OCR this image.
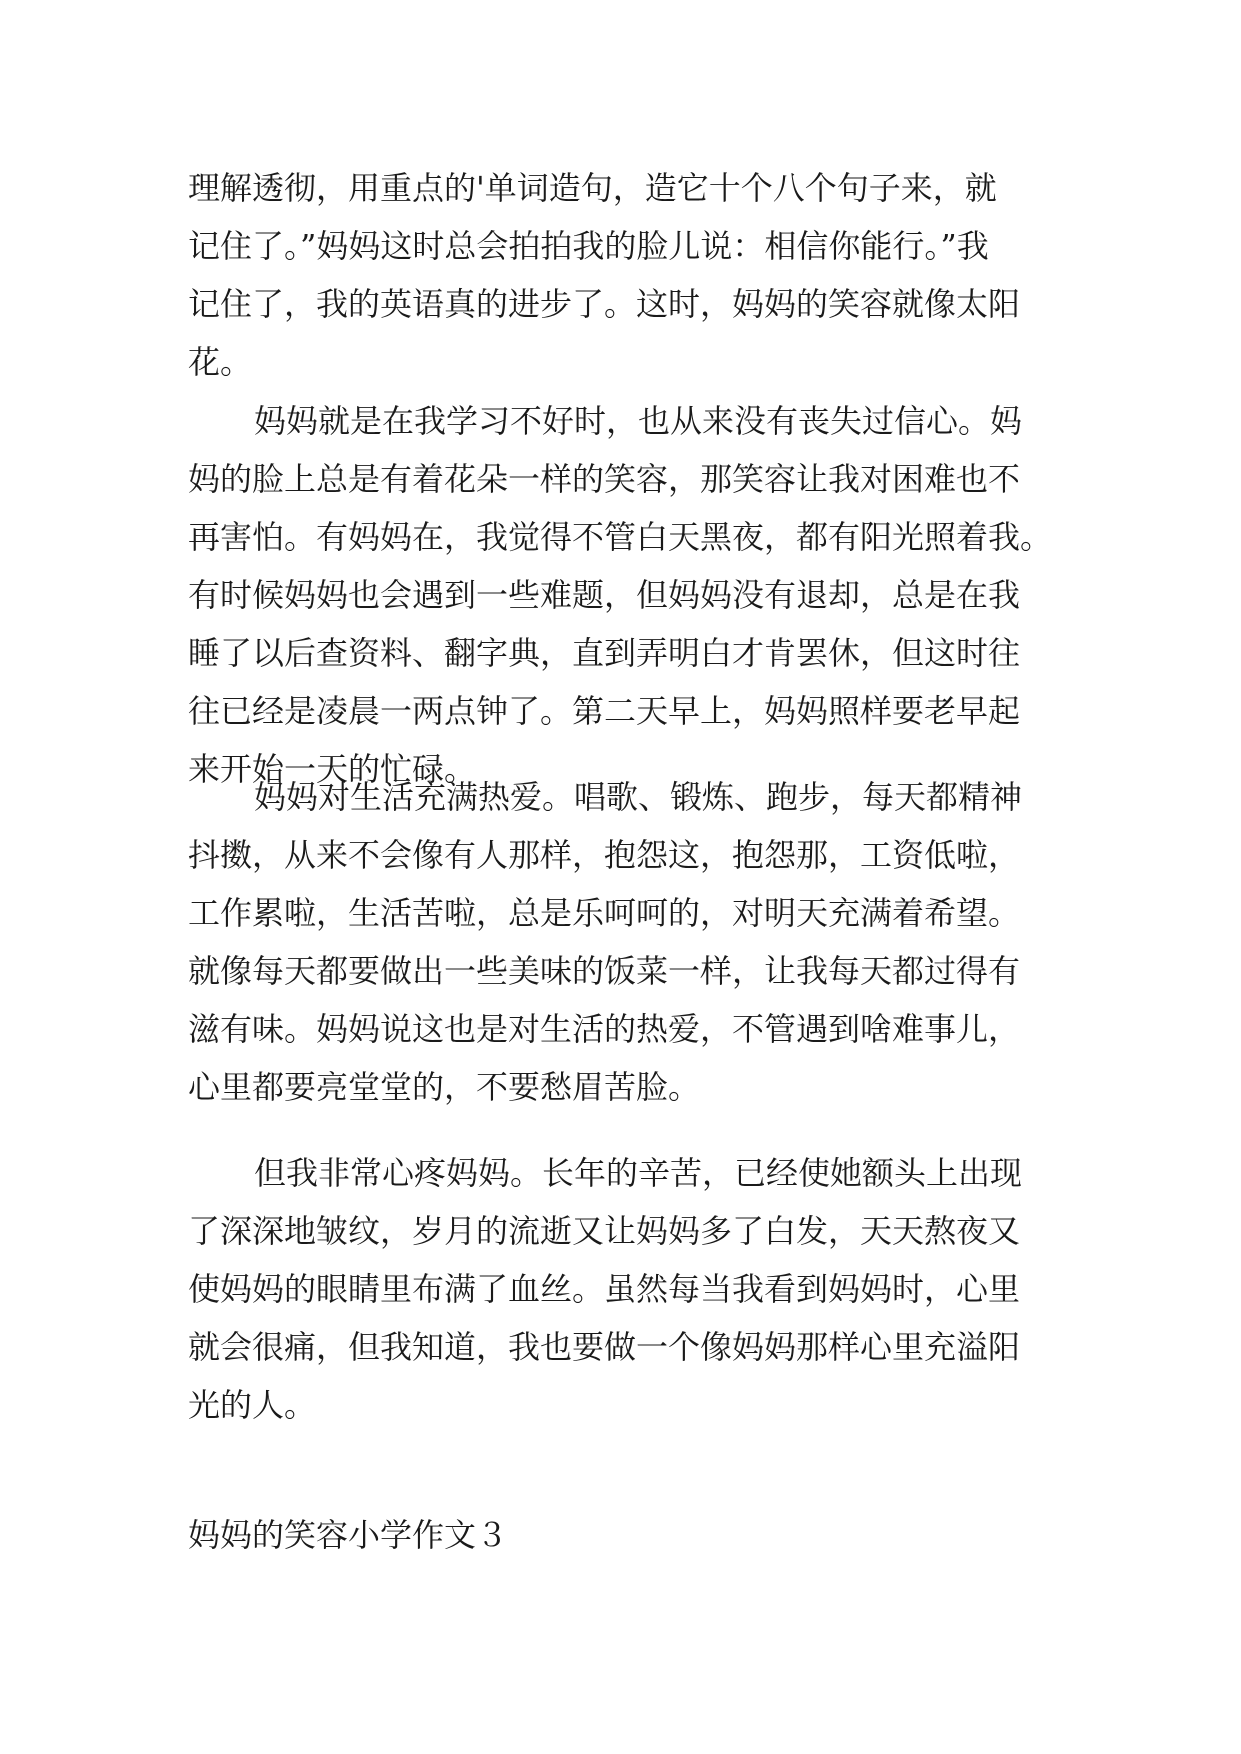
理解透彻，用重点的'单词造句，造它十个八个句子来，就
记住了。”妈妈这时总会拍拍我的脸儿说：相信你能行。”我
记住了，我的英语真的进步了。这时，妈妈的笑容就像太阳
花。
妈妈就是在我学习不好时，也从来没有丧失过信心。妈
妈的脸上总是有着花朵一样的笑容，那笑容让我对困难也不
再害怕。有妈妈在，我觉得不管白天黑夜，都有阳光照着我。
有时候妈妈也会遇到一些难题，但妈妈没有退却，总是在我
睡了以后查资料、翻字典，直到弄明白才肯罢休，但这时往
往已经是凌晨一两点钟了。第二天早上，妈妈照样要老早起
来开始一天的忙碌。
妈妈对生活充满热爱。唱歌、锻炼、跑步，每天都精神
抖擞，从来不会像有人那样，抱怨这，抱怨那，工资低啦，
工作累啦，生活苦啦，总是乐呵呵的，对明天充满着希望。
就像每天都要做出一些美味的饭菜一样，让我每天都过得有
滋有味。妈妈说这也是对生活的热爱，不管遇到啥难事儿，
心里都要亮堂堂的，不要愁眉苦脸。
但我非常心疼妈妈。长年的辛苦，已经使她额头上出现
了深深地皱纹，岁月的流逝又让妈妈多了白发，天天熬夜又
使妈妈的眼睛里布满了血丝。虽然每当我看到妈妈时，心里
就会很痛，但我知道，我也要做一个像妈妈那样心里充溢阳
光的人。
妈妈的笑容小学作文３
